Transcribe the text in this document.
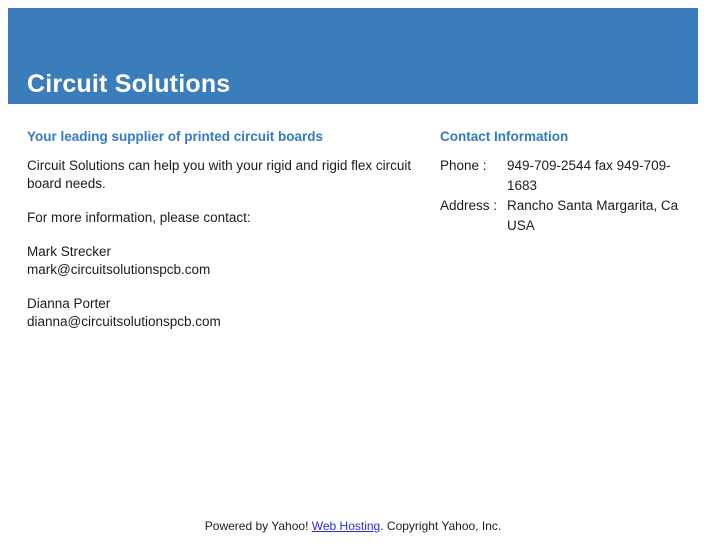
Circuit Solutions
Your leading supplier of printed circuit boards

Circuit Solutions can help you with your rigid and rigid flex circuit board needs.

For more information, please contact:

Mark Strecker
mark@circuitsolutionspcb.com
Dianna Porter
dianna@circuitsolutionspcb.com
Contact Information
Phone :	949-709-2544 fax 949-709-1683
Address : Rancho Santa Margarita, Ca
USA
Powered by Yahoo! Web Hosting. Copyright Yahoo, Inc.
